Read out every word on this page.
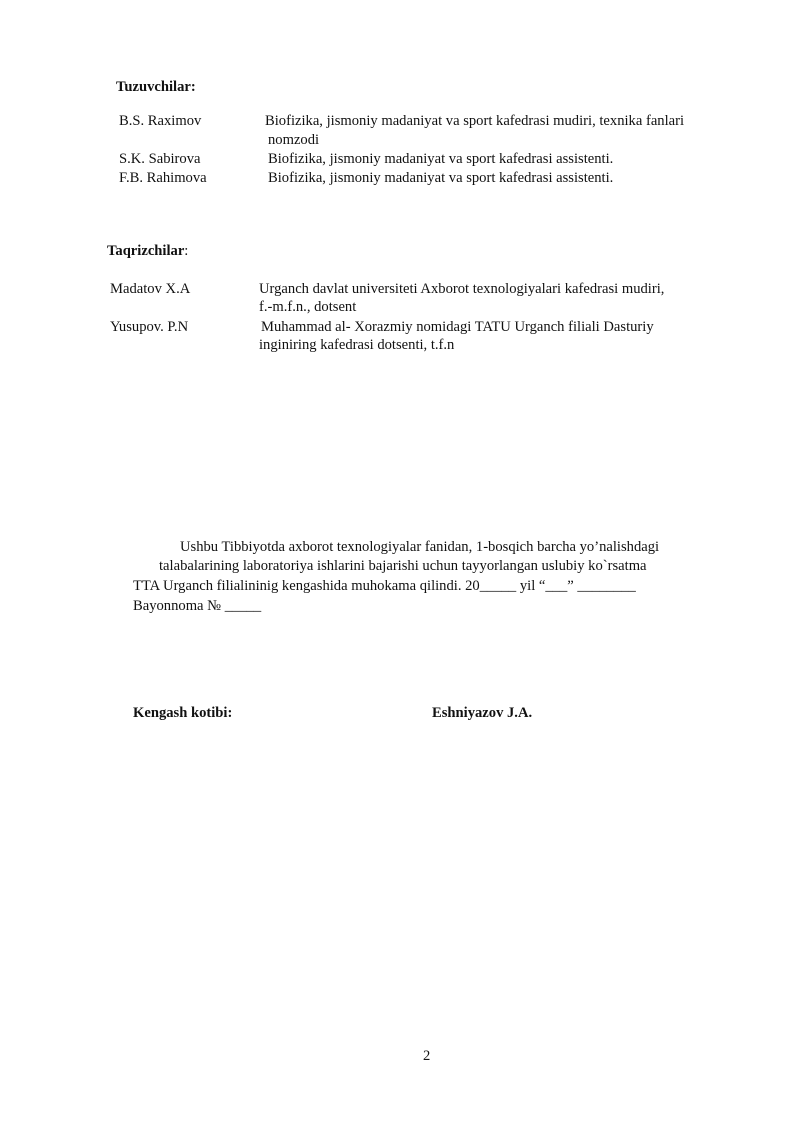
Tuzuvchilar:
B.S. Raximov	Biofizika, jismoniy madaniyat va sport kafedrasi mudiri, texnika fanlari
nomzodi
S.K. Sabirova	Biofizika, jismoniy madaniyat va sport kafedrasi assistenti.
F.B. Rahimova	Biofizika, jismoniy madaniyat va sport kafedrasi assistenti.
Taqrizchilar:
Madatov X.A	Urganch davlat universiteti Axborot texnologiyalari kafedrasi mudiri,
f.-m.f.n., dotsent
Yusupov. P.N	Muhammad al- Xorazmiy nomidagi TATU Urganch filiali Dasturiy
inginiring kafedrasi dotsenti, t.f.n
Ushbu Tibbiyotda axborot texnologiyalar fanidan, 1-bosqich barcha yo’nalishdagi
talabalarining laboratoriya ishlarini bajarishi uchun tayyorlangan uslubiy ko`rsatma
TTA Urganch filialininig kengashida muhokama qilindi. 20_____ yil “___” ________
Bayonnoma № _____
Kengash kotibi:	Eshniyazov J.A.
2
